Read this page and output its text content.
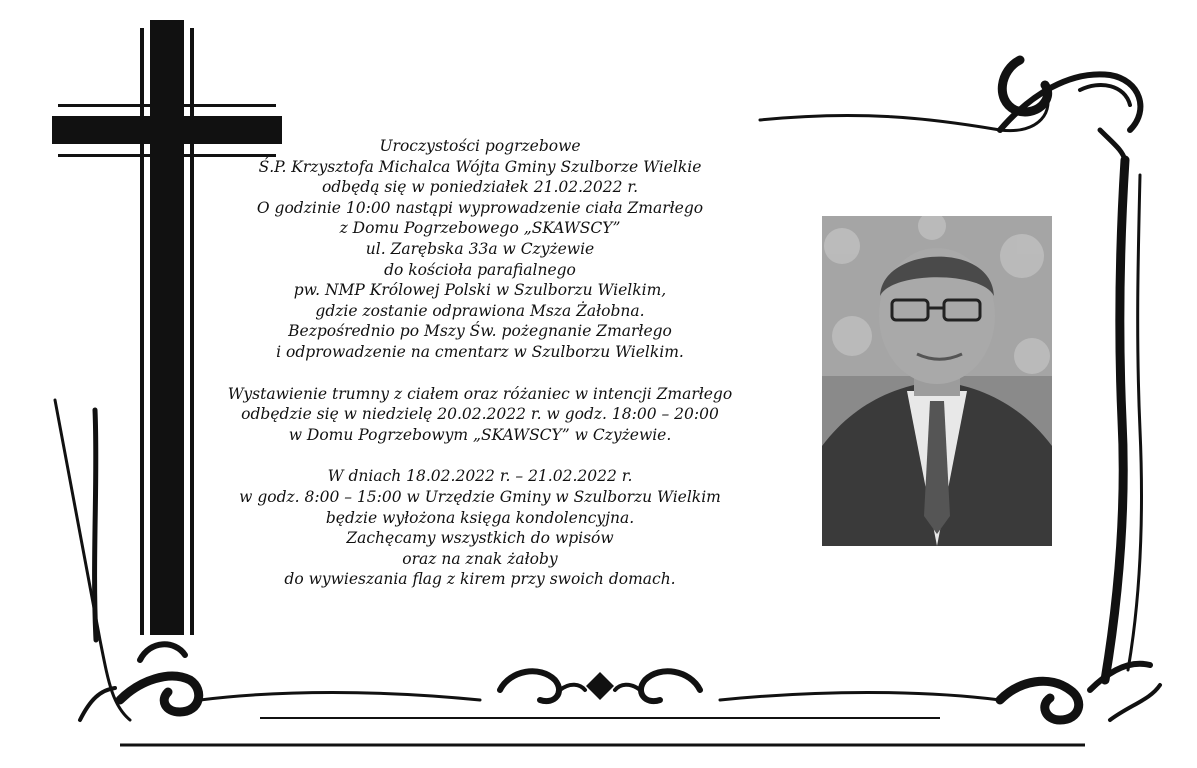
Uroczystości pogrzebowe
Ś.P. Krzysztofa Michalca Wójta Gminy Szulborze Wielkie
odbędą się w poniedziałek 21.02.2022 r.
O godzinie 10:00 nastąpi wyprowadzenie ciała Zmarłego
z Domu Pogrzebowego „SKAWSCY”
ul. Zarębska 33a w Czyżewie
do kościoła parafialnego
pw. NMP Królowej Polski w Szulborzu Wielkim,
gdzie zostanie odprawiona Msza Żałobna.
Bezpośrednio po Mszy Św. pożegnanie Zmarłego
i odprowadzenie na cmentarz w Szulborzu Wielkim.

Wystawienie trumny z ciałem oraz różaniec w intencji Zmarłego
odbędzie się w niedzielę 20.02.2022 r. w godz. 18:00 – 20:00
w Domu Pogrzebowym „SKAWSCY” w Czyżewie.

W dniach 18.02.2022 r. – 21.02.2022 r.
w godz. 8:00 – 15:00 w Urzędzie Gminy w Szulborzu Wielkim
będzie wyłożona księga kondolencyjna.
Zachęcamy wszystkich do wpisów
oraz na znak żałoby
do wywieszania flag z kirem przy swoich domach.
